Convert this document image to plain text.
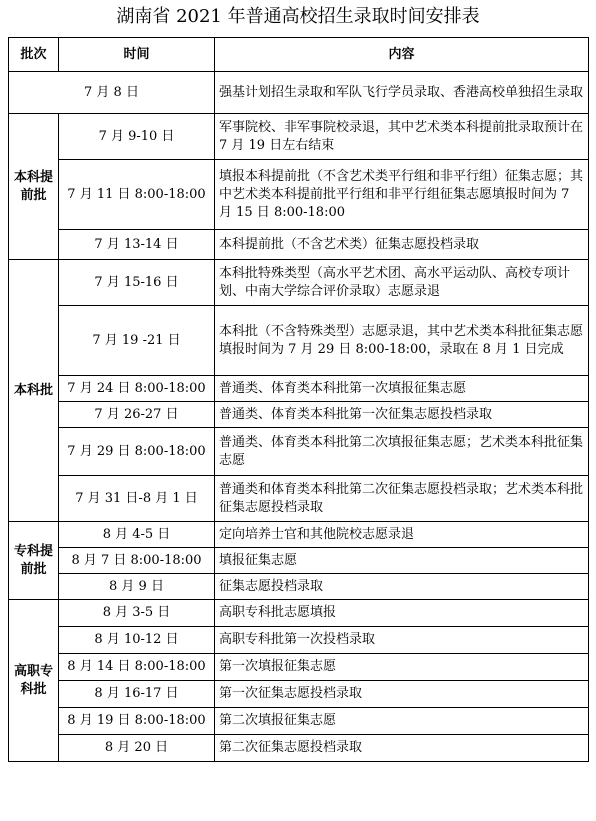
湖南省 2021 年普通高校招生录取时间安排表
批次	时间	内容
7 月 8 日		强基计划招生录取和军队飞行学员录取、香港高校单独招生录取
本科提前批	7 月 9-10 日	军事院校、非军事院校录退，其中艺术类本科提前批录取预计在 7 月 19 日左右结束
	7 月 11 日 8:00-18:00	填报本科提前批（不含艺术类平行组和非平行组）征集志愿；其中艺术类本科提前批平行组和非平行组征集志愿填报时间为 7 月 15 日 8:00-18:00
	7 月 13-14 日	本科提前批（不含艺术类）征集志愿投档录取
本科批	7 月 15-16 日	本科批特殊类型（高水平艺术团、高水平运动队、高校专项计划、中南大学综合评价录取）志愿录退
	7 月 19 -21 日	本科批（不含特殊类型）志愿录退，其中艺术类本科批征集志愿填报时间为 7 月 29 日 8:00-18:00，录取在 8 月 1 日完成
	7 月 24 日 8:00-18:00	普通类、体育类本科批第一次填报征集志愿
	7 月 26-27 日	普通类、体育类本科批第一次征集志愿投档录取
	7 月 29 日 8:00-18:00	普通类、体育类本科批第二次填报征集志愿；艺术类本科批征集志愿
	7 月 31 日-8 月 1 日	普通类和体育类本科批第二次征集志愿投档录取；艺术类本科批征集志愿投档录取
专科提前批	8 月 4-5 日	定向培养士官和其他院校志愿录退
	8 月 7 日 8:00-18:00	填报征集志愿
	8 月 9 日	征集志愿投档录取
高职专科批	8 月 3-5 日	高职专科批志愿填报
	8 月 10-12 日	高职专科批第一次投档录取
	8 月 14 日 8:00-18:00	第一次填报征集志愿
	8 月 16-17 日	第一次征集志愿投档录取
	8 月 19 日 8:00-18:00	第二次填报征集志愿
	8 月 20 日	第二次征集志愿投档录取
